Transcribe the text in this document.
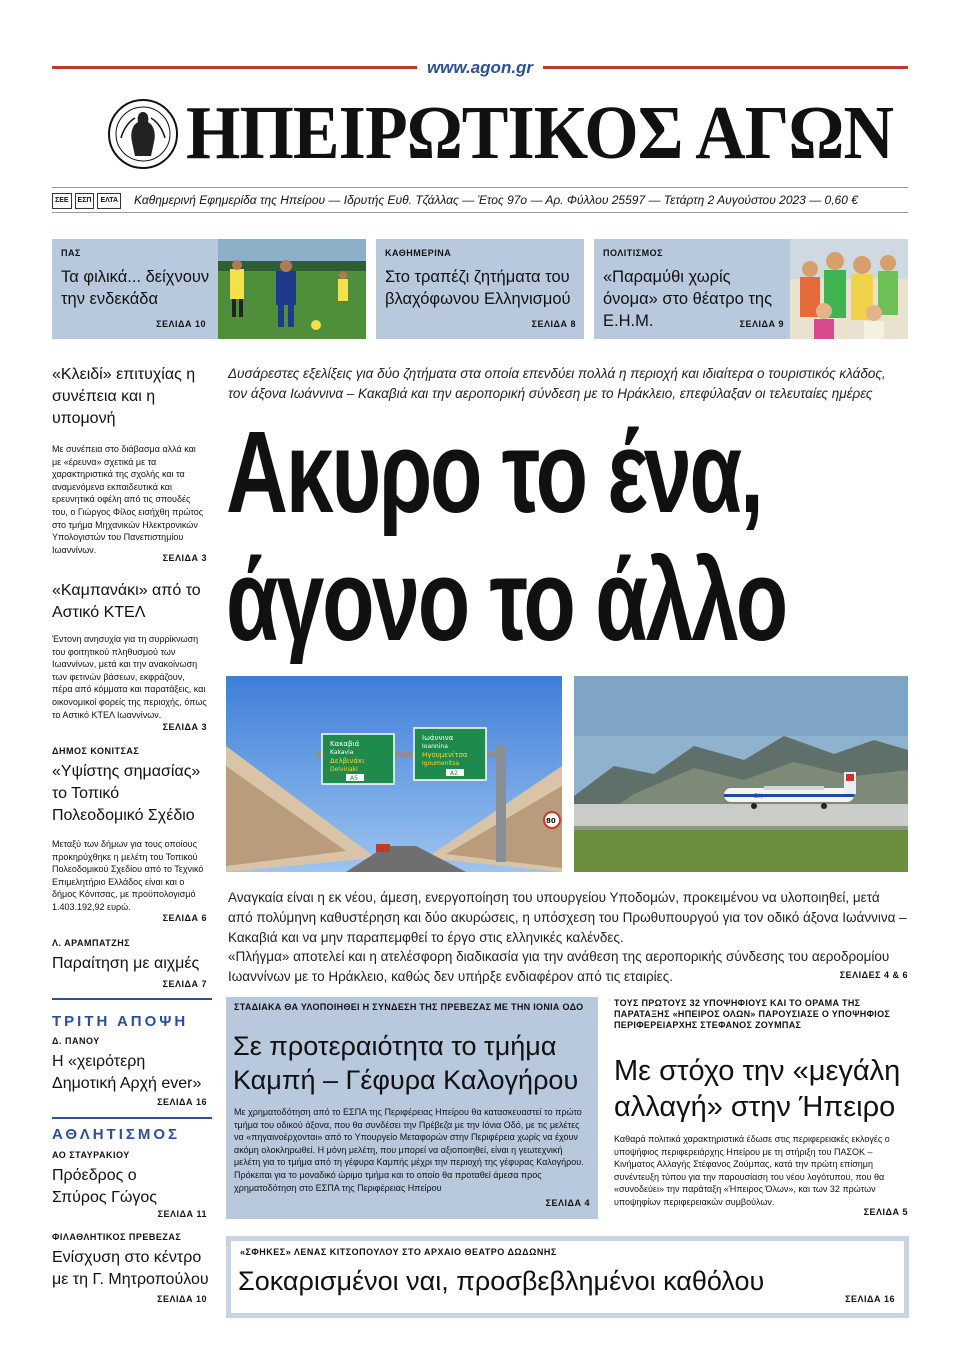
www.agon.gr
ΗΠΕΙΡΩΤΙΚΟΣ ΑΓΩΝ
ΣΕΕ	ΕΣΠ	ΕΛΤΑ Καθημερινή Εφημερίδα της Ηπείρου — Ιδρυτής Ευθ. Τζάλλας — Έτος 97ο — Αρ. Φύλλου 25597 — Τετάρτη 2 Αυγούστου 2023 — 0,60 €
ΠΑΣ
Τα φιλικά... δείχνουν την ενδεκάδα
ΣΕΛΙΔΑ 10
ΚΑΘΗΜΕΡΙΝΑ
Στο τραπέζι ζητήματα του βλαχόφωνου Ελληνισμού
ΣΕΛΙΔΑ 8
ΠΟΛΙΤΙΣΜΟΣ
«Παραμύθι χωρίς όνομα» στο θέατρο της Ε.Η.Μ.	ΣΕΛΙΔΑ 9
«Κλειδί» επιτυχίας η συνέπεια και η υπομονή
Με συνέπεια στο διάβασμα αλλά και με «έρευνα» σχετικά με τα χαρακτηριστικά της σχολής και τα αναμενόμενα εκπαιδευτικά και ερευνητικά οφέλη από τις σπουδές του, ο Γιώργος Φίλος εισήχθη πρώτος στο τμήμα Μηχανικών Ηλεκτρονικών Υπολογιστών του Πανεπιστημίου Ιωαννίνων.
ΣΕΛΙΔΑ 3
«Καμπανάκι» από το Αστικό ΚΤΕΛ
Έντονη ανησυχία για τη συρρίκνωση του φοιτητικού πληθυσμού των Ιωαννίνων, μετά και την ανακοίνωση των φετινών βάσεων, εκφράζουν, πέρα από κόμματα και παρατάξεις, και οικονομικοί φορείς της περιοχής, όπως το Αστικό ΚΤΕΛ Ιωαννίνων.
ΣΕΛΙΔΑ 3
ΔΗΜΟΣ ΚΟΝΙΤΣΑΣ
«Υψίστης σημασίας» το Τοπικό Πολεοδομικό Σχέδιο
Μεταξύ των δήμων για τους οποίους προκηρύχθηκε η μελέτη του Τοπικού Πολεοδομικού Σχεδίου από το Τεχνικό Επιμελητήριο Ελλάδος είναι και ο δήμος Κόνιτσας, με προϋπολογισμό 1.403.192,92 ευρώ.
ΣΕΛΙΔΑ 6
Λ. ΑΡΑΜΠΑΤΖΗΣ
Παραίτηση με αιχμές
ΣΕΛΙΔΑ 7
ΤΡΙΤΗ ΑΠΟΨΗ
Δ. ΠΑΝΟΥ
Η «χειρότερη Δημοτική Αρχή ever»
ΣΕΛΙΔΑ 16
ΑΘΛΗΤΙΣΜΟΣ
ΑΟ ΣΤΑΥΡΑΚΙΟΥ
Πρόεδρος ο Σπύρος Γώγος
ΣΕΛΙΔΑ 11
ΦΙΛΑΘΛΗΤΙΚΟΣ ΠΡΕΒΕΖΑΣ
Ενίσχυση στο κέντρο με τη Γ. Μητροπούλου
ΣΕΛΙΔΑ 10
Δυσάρεστες εξελίξεις για δύο ζητήματα στα οποία επενδύει πολλά η περιοχή και ιδιαίτερα ο τουριστικός κλάδος, τον άξονα Ιωάννινα – Κακαβιά και την αεροπορική σύνδεση με το Ηράκλειο, επεφύλαξαν οι τελευταίες ημέρες
Ακυρο το ένα,
άγονο το άλλο
Κακαβιά
Kakavia
Δελβινάκι
Delvinaki
A5
Ιωάννινα
Ioannina
Ηγουμενίτσα
Igoumenitsa
A2
80
ΕΛ
Αναγκαία είναι η εκ νέου, άμεση, ενεργοποίηση του υπουργείου Υποδομών, προκειμένου να υλοποιηθεί, μετά από πολύμηνη καθυστέρηση και δύο ακυρώσεις, η υπόσχεση του Πρωθυπουργού για τον οδικό άξονα Ιωάννινα – Κακαβιά και να μην παραπεμφθεί το έργο στις ελληνικές καλένδες.
«Πλήγμα» αποτελεί και η ατελέσφορη διαδικασία για την ανάθεση της αεροπορικής σύνδεσης του αεροδρομίου Ιωαννίνων με το Ηράκλειο, καθώς δεν υπήρξε ενδιαφέρον από τις εταιρίες.	ΣΕΛΙΔΕΣ 4 & 6
ΣΤΑΔΙΑΚΑ ΘΑ ΥΛΟΠΟΙΗΘΕΙ Η ΣΥΝΔΕΣΗ ΤΗΣ ΠΡΕΒΕΖΑΣ ΜΕ ΤΗΝ ΙΟΝΙΑ ΟΔΟ
Σε προτεραιότητα το τμήμα Καμπή – Γέφυρα Καλογήρου
Με χρηματοδότηση από το ΕΣΠΑ της Περιφέρειας Ηπείρου θα κατασκευαστεί το πρώτο τμήμα του οδικού άξονα, που θα συνδέσει την Πρέβεζα με την Ιόνια Οδό, με τις μελέτες να «πηγαινοέρχονται» από το Υπουργείο Μεταφορών στην Περιφέρεια χωρίς να έχουν ακόμη ολοκληρωθεί. Η μόνη μελέτη, που μπορεί να αξιοποιηθεί, είναι η γεωτεχνική μελέτη για το τμήμα από τη γέφυρα Καμπής μέχρι την περιοχή της γέφυρας Καλογήρου. Πρόκειται για το μοναδικό ώριμο τμήμα και το οποίο θα προταθεί άμεσα προς χρηματοδότηση στο ΕΣΠΑ της Περιφέρειας Ηπείρου
ΣΕΛΙΔΑ 4
ΤΟΥΣ ΠΡΩΤΟΥΣ 32 ΥΠΟΨΗΦΙΟΥΣ ΚΑΙ ΤΟ ΟΡΑΜΑ ΤΗΣ ΠΑΡΑΤΑΞΗΣ «ΗΠΕΙΡΟΣ ΟΛΩΝ» ΠΑΡΟΥΣΙΑΣΕ Ο ΥΠΟΨΗΦΙΟΣ ΠΕΡΙΦΕΡΕΙΑΡΧΗΣ ΣΤΕΦΑΝΟΣ ΖΟΥΜΠΑΣ
Με στόχο την «μεγάλη αλλαγή» στην Ήπειρο
Καθαρά πολιτικά χαρακτηριστικά έδωσε στις περιφερειακές εκλογές ο υποψήφιος περιφερειάρχης Ηπείρου με τη στήριξη του ΠΑΣΟΚ – Κινήματος Αλλαγής Στέφανος Ζούμπας, κατά την πρώτη επίσημη συνέντευξη τύπου για την παρουσίαση του νέου λογότυπου, που θα «συνοδεύει» την παράταξη «Ήπειρος Όλων», και των 32 πρώτων υποψηφίων περιφερειακών συμβούλων.
ΣΕΛΙΔΑ 5
«ΣΦΗΚΕΣ» ΛΕΝΑΣ ΚΙΤΣΟΠΟΥΛΟΥ ΣΤΟ ΑΡΧΑΙΟ ΘΕΑΤΡΟ ΔΩΔΩΝΗΣ
Σοκαρισμένοι ναι, προσβεβλημένοι καθόλου
ΣΕΛΙΔΑ 16
